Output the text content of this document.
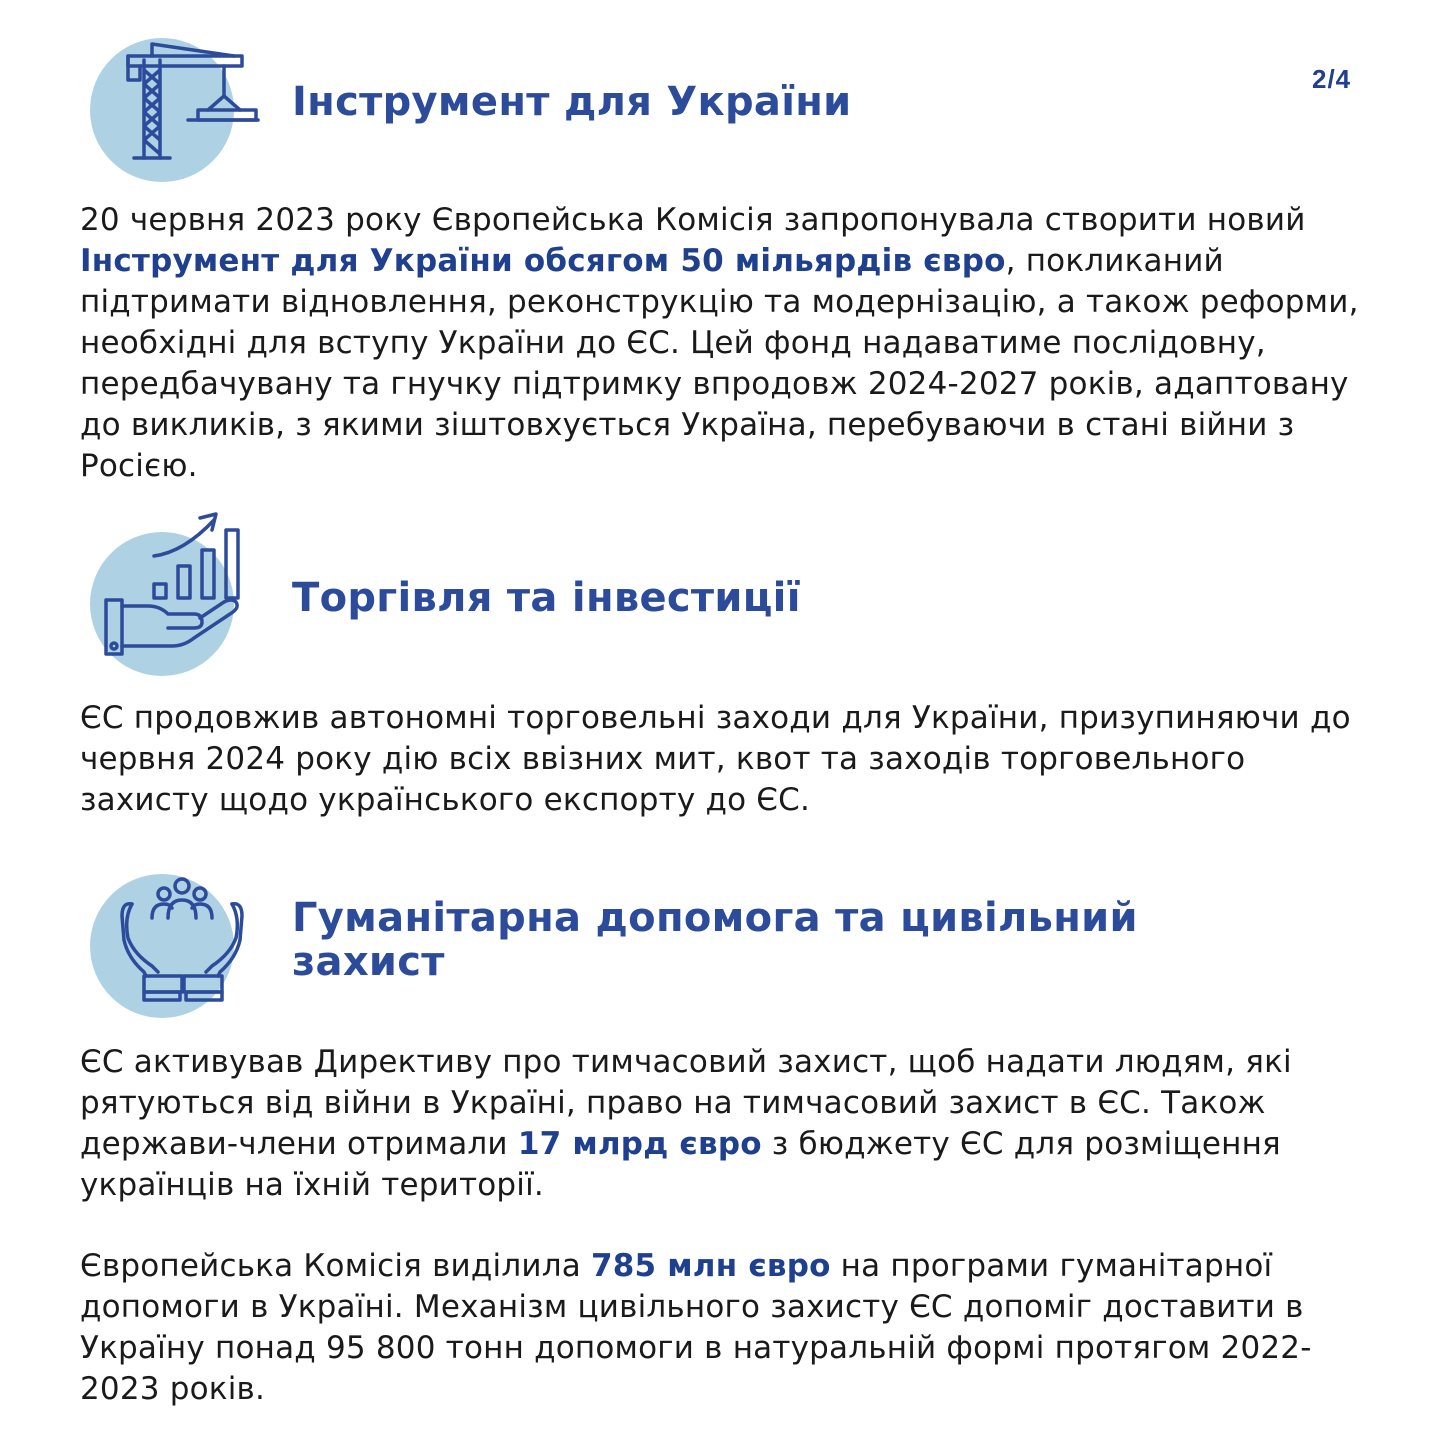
2/4
Інструмент для України

20 червня 2023 року Європейська Комісія запропонувала створити новий Інструмент для України обсягом 50 мільярдів євро, покликаний підтримати відновлення, реконструкцію та модернізацію, а також реформи, необхідні для вступу України до ЄС. Цей фонд надаватиме послідовну, передбачувану та гнучку підтримку впродовж 2024-2027 років, адаптовану до викликів, з якими зіштовхується Україна, перебуваючи в стані війни з Росією.

Торгівля та інвестиції

ЄС продовжив автономні торговельні заходи для України, призупиняючи до червня 2024 року дію всіх ввізних мит, квот та заходів торговельного захисту щодо українського експорту до ЄС.

Гуманітарна допомога та цивільний
захист

ЄС активував Директиву про тимчасовий захист, щоб надати людям, які рятуються від війни в Україні, право на тимчасовий захист в ЄС. Також держави-члени отримали 17 млрд євро з бюджету ЄС для розміщення українців на їхній території.

Європейська Комісія виділила 785 млн євро на програми гуманітарної допомоги в Україні. Механізм цивільного захисту ЄС допоміг доставити в Україну понад 95 800 тонн допомоги в натуральній формі протягом 2022-2023 років.
